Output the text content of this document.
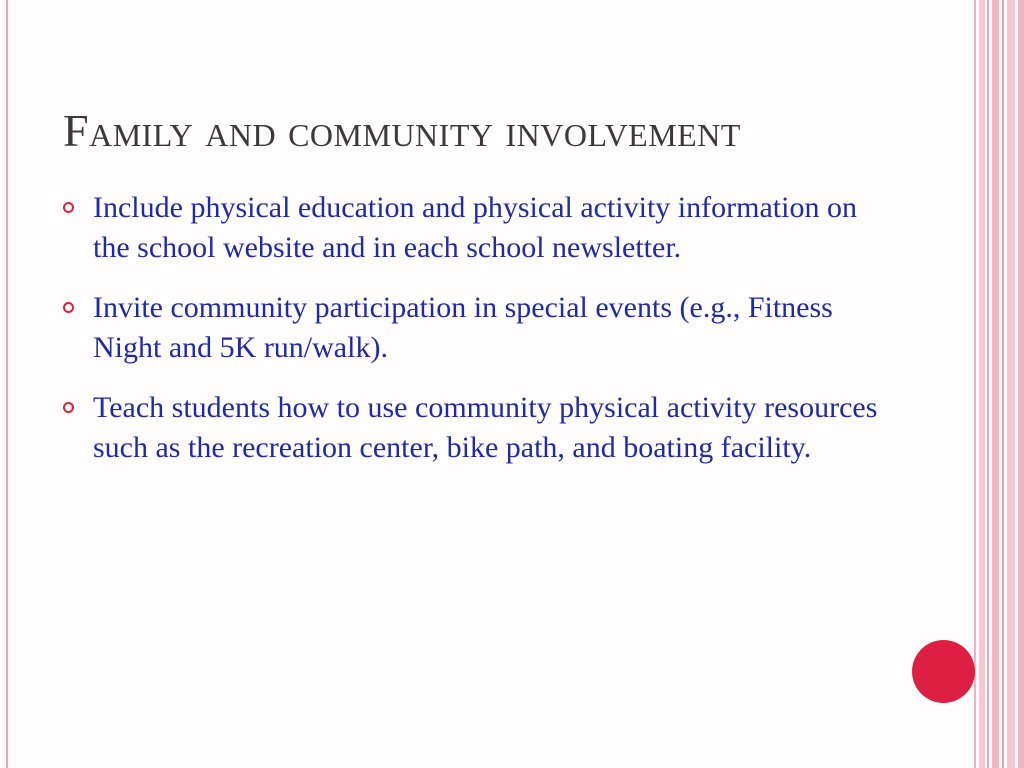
Family and community involvement
Include physical education and physical activity information on the school website and in each school newsletter.
Invite community participation in special events (e.g., Fitness Night and 5K run/walk).
Teach students how to use community physical activity resources such as the recreation center, bike path, and boating facility.
